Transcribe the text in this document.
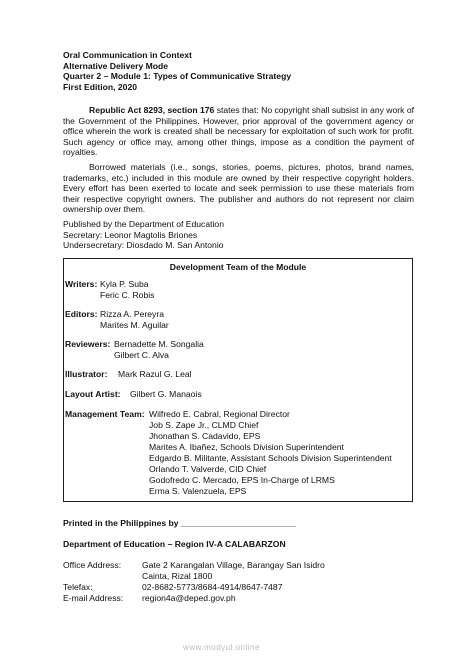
Oral Communication in Context
Alternative Delivery Mode
Quarter 2 – Module 1: Types of Communicative Strategy
First Edition, 2020
Republic Act 8293, section 176 states that: No copyright shall subsist in any work of the Government of the Philippines. However, prior approval of the government agency or office wherein the work is created shall be necessary for exploitation of such work for profit. Such agency or office may, among other things, impose as a condition the payment of royalties.
Borrowed materials (i.e., songs, stories, poems, pictures, photos, brand names, trademarks, etc.) included in this module are owned by their respective copyright holders. Every effort has been exerted to locate and seek permission to use these materials from their respective copyright owners. The publisher and authors do not represent nor claim ownership over them.
Published by the Department of Education
Secretary: Leonor Magtolis Briones
Undersecretary: Diosdado M. San Antonio
Development Team of the Module
Writers: Kyla P. Suba
Feric C. Robis
Editors: Rizza A. Pereyra
Marites M. Aguilar
Reviewers: Bernadette M. Songalia
Gilbert C. Alva
Illustrator: Mark Razul G. Leal
Layout Artist: Gilbert G. Manaois
Management Team: Wilfredo E. Cabral, Regional Director
Job S. Zape Jr., CLMD Chief
Jhonathan S. Cadavido, EPS
Marites A. Ibañez, Schools Division Superintendent
Edgardo B. Militante, Assistant Schools Division Superintendent
Orlando T. Valverde, CID Chief
Godofredo C. Mercado, EPS In-Charge of LRMS
Erma S. Valenzuela, EPS
Printed in the Philippines by ________________________
Department of Education – Region IV-A CALABARZON
Office Address: Gate 2 Karangalan Village, Barangay San Isidro
Cainta, Rizal 1800
Telefax:	02-8682-5773/8684-4914/8647-7487
E-mail Address: region4a@deped.gov.ph
www.modyul.online
